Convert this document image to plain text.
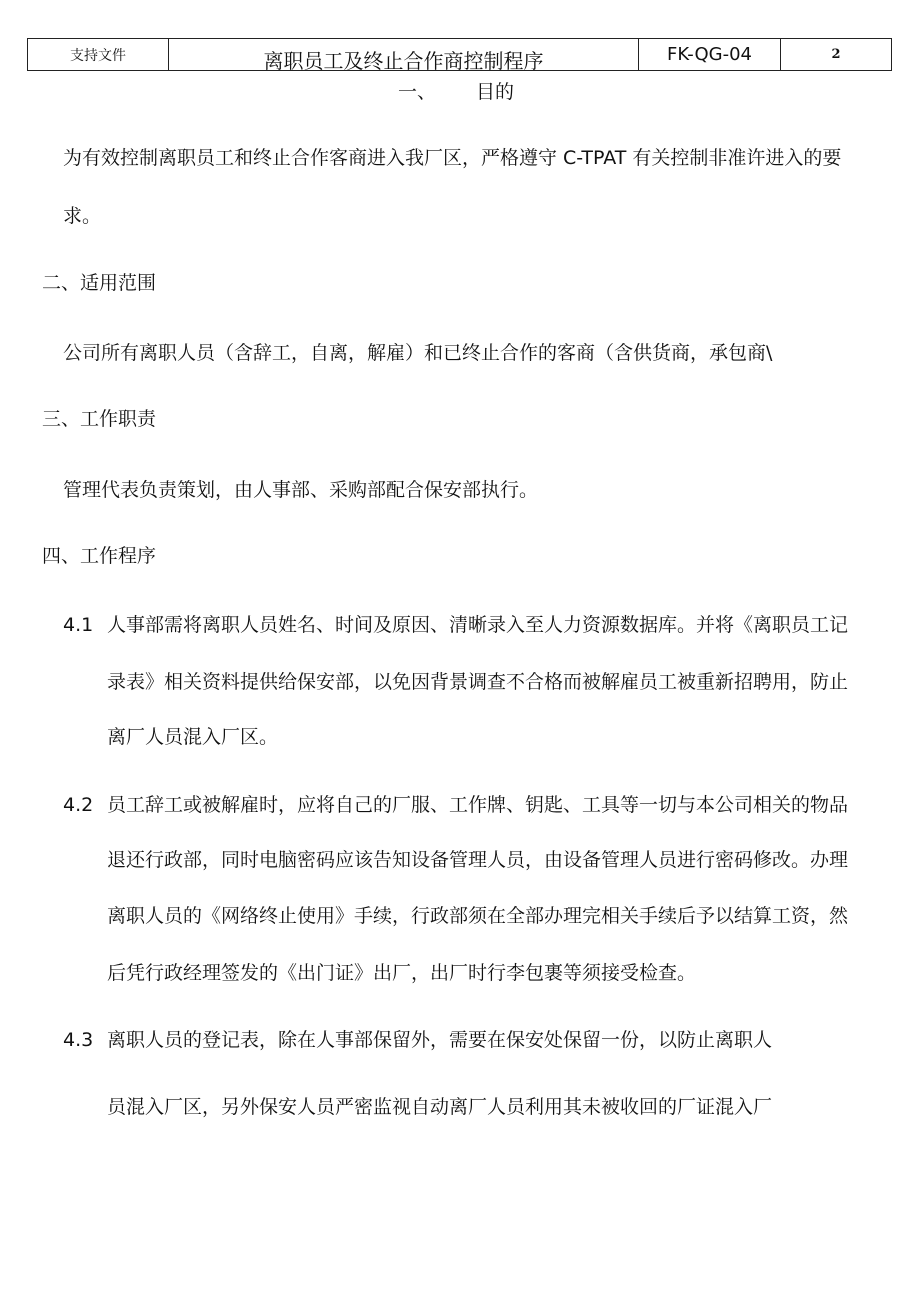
支持文件	离职员工及终止合作商控制程序	FK-QG-04	2
一、 目的
为有效控制离职员工和终止合作客商进入我厂区，严格遵守 C-TPAT 有关控制非准许进入的要
求。
二、适用范围
公司所有离职人员（含辞工，自离，解雇）和已终止合作的客商（含供货商，承包商\
三、工作职责
管理代表负责策划，由人事部、采购部配合保安部执行。
四、工作程序
4.1 人事部需将离职人员姓名、时间及原因、清晰录入至人力资源数据库。并将《离职员工记
录表》相关资料提供给保安部，以免因背景调查不合格而被解雇员工被重新招聘用，防止
离厂人员混入厂区。
4.2 员工辞工或被解雇时，应将自己的厂服、工作牌、钥匙、工具等一切与本公司相关的物品
退还行政部，同时电脑密码应该告知设备管理人员，由设备管理人员进行密码修改。办理
离职人员的《网络终止使用》手续，行政部须在全部办理完相关手续后予以结算工资，然
后凭行政经理签发的《出门证》出厂，出厂时行李包裹等须接受检查。
4.3 离职人员的登记表，除在人事部保留外，需要在保安处保留一份，以防止离职人
员混入厂区，另外保安人员严密监视自动离厂人员利用其未被收回的厂证混入厂
